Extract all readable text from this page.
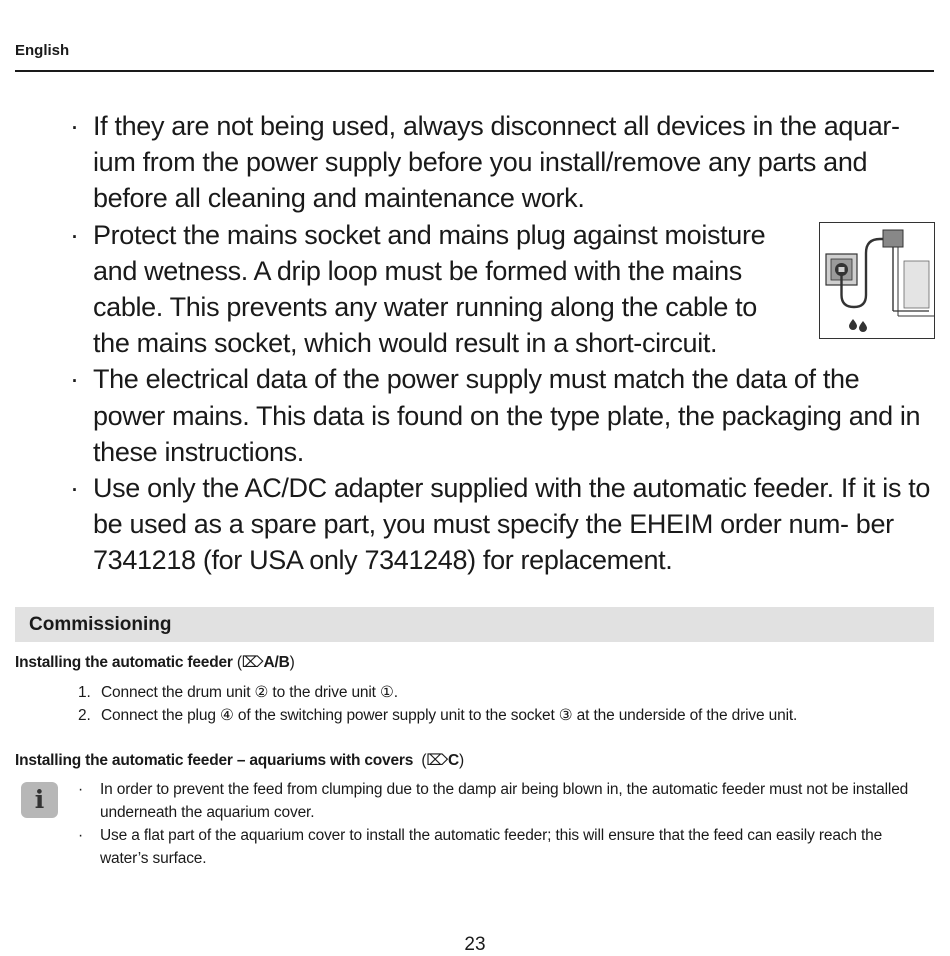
English
· If they are not being used, always disconnect all devices in the aquar- ium from the power supply before you install/remove any parts and before all cleaning and maintenance work.
· Protect the mains socket and mains plug against moisture and wetness. A drip loop must be formed with the mains cable. This prevents any water running along the cable to the mains socket, which would result in a short-circuit.
· The electrical data of the power supply must match the data of the power mains. This data is found on the type plate, the packaging and in these instructions.
· Use only the AC/DC adapter supplied with the automatic feeder. If it is to be used as a spare part, you must specify the EHEIM order num- ber 7341218 (for USA only 7341248) for replacement.
Commissioning
Installing the automatic feeder (⌦A/B)
1. Connect the drum unit ② to the drive unit ①.
2. Connect the plug ④ of the switching power supply unit to the socket ③ at the underside of the drive unit.
Installing the automatic feeder – aquariums with covers (⌦C)
i	· In order to prevent the feed from clumping due to the damp air being blown in, the automatic feeder must not be installed underneath the aquarium cover.
· Use a flat part of the aquarium cover to install the automatic feeder; this will ensure that the feed can easily reach the water’s surface.
23
